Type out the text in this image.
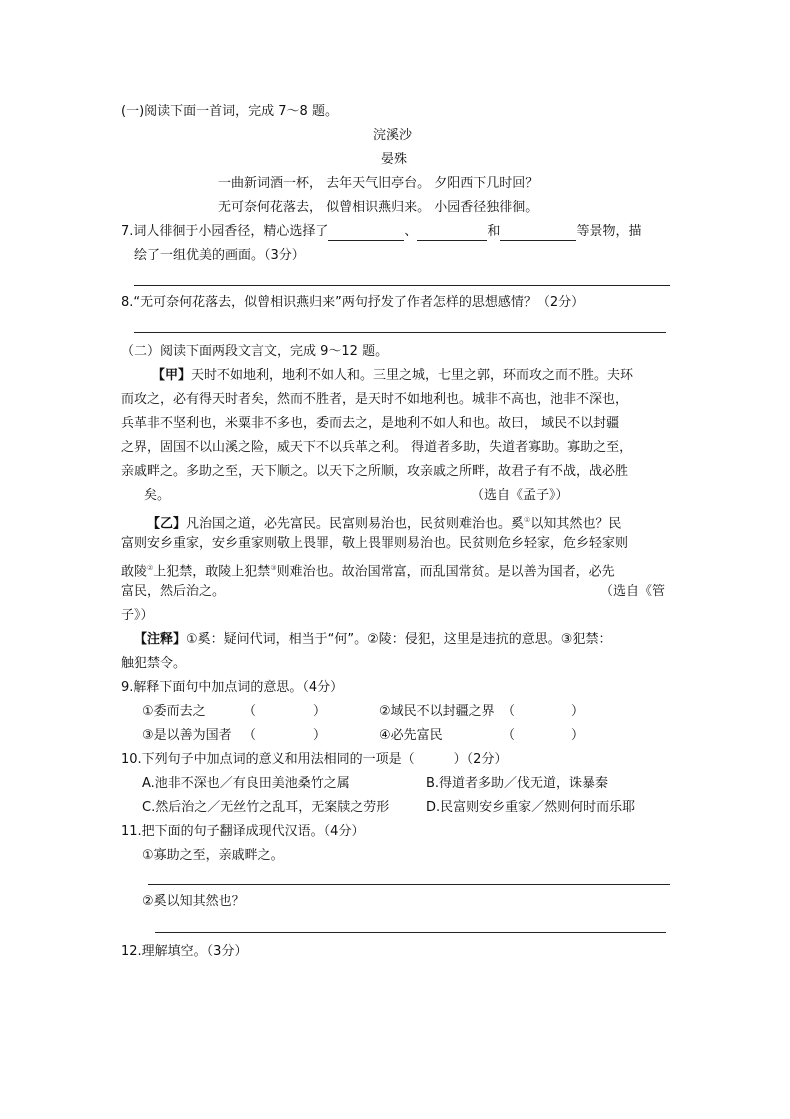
(一)阅读下面一首词，完成 7～8 题。
浣溪沙
晏殊
一曲新词酒一杯， 去年天气旧亭台。 夕阳西下几时回？
无可奈何花落去， 似曾相识燕归来。 小园香径独徘徊。
7.词人徘徊于小园香径，精心选择了	、	和	等景物，描
绘了一组优美的画面。（3分）
8.“无可奈何花落去，似曾相识燕归来”两句抒发了作者怎样的思想感情？（2分）
（二）阅读下面两段文言文，完成 9～12 题。
【甲】天时不如地利，地利不如人和。三里之城，七里之郭，环而攻之而不胜。夫环
而攻之，必有得天时者矣，然而不胜者，是天时不如地利也。城非不高也，池非不深也，
兵革非不坚利也，米粟非不多也，委而去之，是地利不如人和也。故曰， 域民不以封疆
之界，固国不以山溪之险，威天下不以兵革之利。 得道者多助，失道者寡助。寡助之至，
亲戚畔之。多助之至，天下顺之。以天下之所顺，攻亲戚之所畔，故君子有不战，战必胜
矣。	（选自《孟子》）
【乙】凡治国之道，必先富民。民富则易治也，民贫则难治也。奚①以知其然也？民
富则安乡重家，安乡重家则敬上畏罪，敬上畏罪则易治也。民贫则危乡轻家，危乡轻家则
敢陵②上犯禁，敢陵上犯禁③则难治也。故治国常富，而乱国常贫。是以善为国者，必先
富民，然后治之。	（选自《管
子》）
【注释】①奚：疑问代词，相当于“何”。②陵：侵犯，这里是违抗的意思。③犯禁：
触犯禁令。
9.解释下面句中加点词的意思。（4分）
①委而去之	（	）	②域民不以封疆之界 （	）
③是以善为国者 （	）	④必先富民	（	）
10.下列句子中加点词的意义和用法相同的一项是（　　　）（2分）
A.池非不深也／有良田美池桑竹之属	B.得道者多助／伐无道，诛暴秦
C.然后治之／无丝竹之乱耳，无案牍之劳形	D.民富则安乡重家／然则何时而乐耶
11.把下面的句子翻译成现代汉语。（4分）
①寡助之至，亲戚畔之。
②奚以知其然也？
12.理解填空。（3分）
